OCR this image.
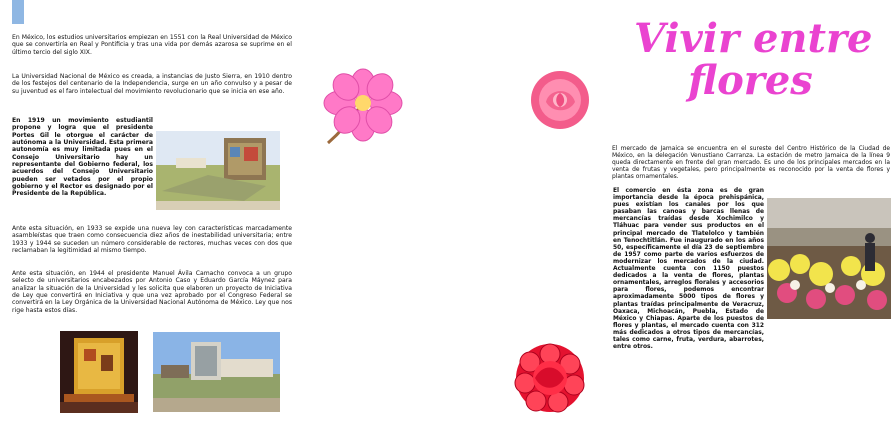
En México, los estudios universitarios empiezan en 1551 con la Real Universidad de México que se convertiría en Real y Pontificia y tras una vida por demás azarosa se suprime en el último tercio del siglo XIX.

La Universidad Nacional de México es creada, a instancias de Justo Sierra, en 1910 dentro de los festejos del centenario de la Independencia, surge en un año convulso y a pesar de su juventud es el faro intelectual del movimiento revolucionario que se inicia en ese año.

En 1919 un movimiento estudiantil propone y logra que el presidente Portes Gil le otorgue el carácter de autónoma a la Universidad. Esta primera autonomía es muy limitada pues en el Consejo Universitario hay un representante del Gobierno federal, los acuerdos del Consejo Universitario pueden ser vetados por el propio gobierno y el Rector es designado por el Presidente de la República.

Ante esta situación, en 1933 se expide una nueva ley con características marcadamente asambleístas que traen como consecuencia diez años de inestabilidad universitaria; entre 1933 y 1944 se suceden un número considerable de rectores, muchas veces con dos que reclamaban la legitimidad al mismo tiempo.

Ante esta situación, en 1944 el presidente Manuel Ávila Camacho convoca a un grupo selecto de universitarios encabezados por Antonio Caso y Eduardo García Máynez para analizar la situación de la Universidad y les solicita que elaboren un proyecto de Iniciativa de Ley que convertirá en Iniciativa y que una vez aprobado por el Congreso Federal se convertirá en la Ley Orgánica de la Universidad Nacional Autónoma de México. Ley que nos rige hasta estos días.

Vivir entre
flores

El mercado de Jamaica se encuentra en el sureste del Centro Histórico de la Ciudad de México, en la delegación Venustiano Carranza. La estación de metro Jamaica de la línea 9 queda directamente en frente del gran mercado. Es uno de los principales mercados en la venta de frutas y vegetales, pero principalmente es reconocido por la venta de flores y plantas ornamentales.

El comercio en ésta zona es de gran importancia desde la época prehispánica, pues existían los canales por los que pasaban las canoas y barcas llenas de mercancías traídas desde Xochimilco y Tláhuac para vender sus productos en el principal mercado de Tlatelolco y también en Tenochtitlán. Fue inaugurado en los años 50, específicamente el día 23 de septiembre de 1957 como parte de varios esfuerzos de modernizar los mercados de la ciudad. Actualmente cuenta con 1150 puestos dedicados a la venta de flores, plantas ornamentales, arreglos florales y accesorios para flores, podemos encontrar aproximadamente 5000 tipos de flores y plantas traídas principalmente de Veracruz, Oaxaca, Michoacán, Puebla, Estado de México y Chiapas. Aparte de los puestos de flores y plantas, el mercado cuenta con 312 más dedicados a otros tipos de mercancías, tales como carne, fruta, verdura, abarrotes, entre otros.
